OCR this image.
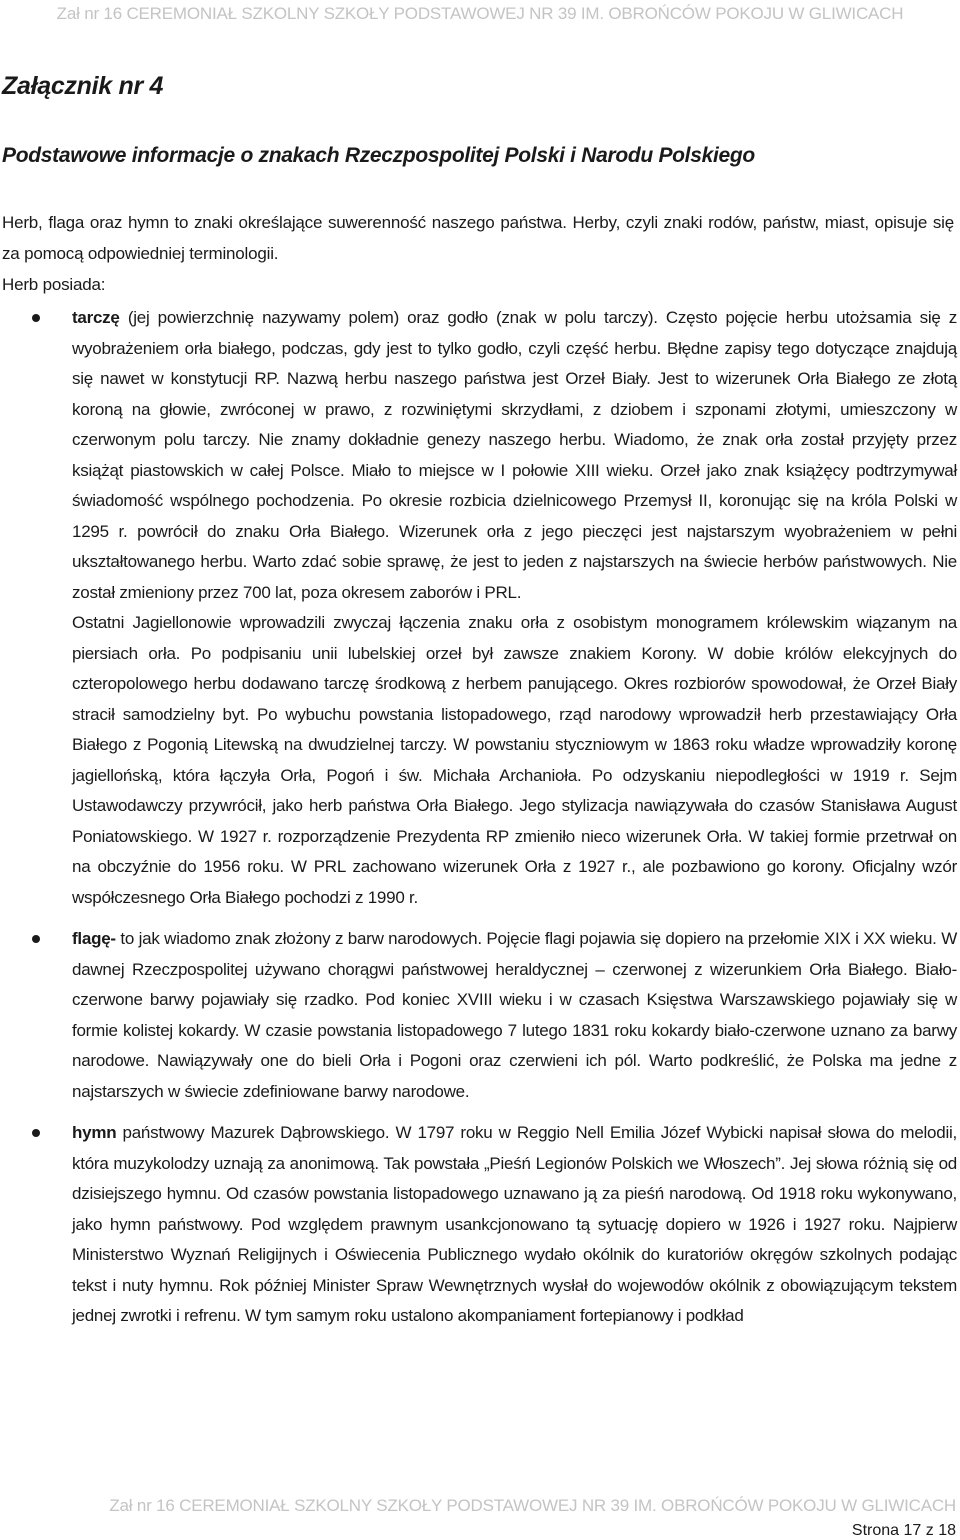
Zał nr 16 CEREMONIAŁ SZKOLNY SZKOŁY PODSTAWOWEJ NR 39 IM. OBROŃCÓW POKOJU W GLIWICACH
Załącznik nr 4
Podstawowe informacje o znakach Rzeczpospolitej Polski i Narodu Polskiego

Herb, flaga oraz hymn to znaki określające suwerenność naszego państwa. Herby, czyli znaki rodów, państw, miast, opisuje się za pomocą odpowiedniej terminologii.

Herb posiada:

tarczę (jej powierzchnię nazywamy polem) oraz godło (znak w polu tarczy). Często pojęcie herbu utożsamia się z wyobrażeniem orła białego, podczas, gdy jest to tylko godło, czyli część herbu. Błędne zapisy tego dotyczące znajdują się nawet w konstytucji RP. Nazwą herbu naszego państwa jest Orzeł Biały. Jest to wizerunek Orła Białego ze złotą koroną na głowie, zwróconej w prawo, z rozwiniętymi skrzydłami, z dziobem i szponami złotymi, umieszczony w czerwonym polu tarczy. Nie znamy dokładnie genezy naszego herbu. Wiadomo, że znak orła został przyjęty przez książąt piastowskich w całej Polsce. Miało to miejsce w I połowie XIII wieku. Orzeł jako znak książęcy podtrzymywał świadomość wspólnego pochodzenia. Po okresie rozbicia dzielnicowego Przemysł II, koronując się na króla Polski w 1295 r. powrócił do znaku Orła Białego. Wizerunek orła z jego pieczęci jest najstarszym wyobrażeniem w pełni ukształtowanego herbu. Warto zdać sobie sprawę, że jest to jeden z najstarszych na świecie herbów państwowych. Nie został zmieniony przez 700 lat, poza okresem zaborów i PRL.
Ostatni Jagiellonowie wprowadzili zwyczaj łączenia znaku orła z osobistym monogramem królewskim wiązanym na piersiach orła. Po podpisaniu unii lubelskiej orzeł był zawsze znakiem Korony. W dobie królów elekcyjnych do czteropolowego herbu dodawano tarczę środkową z herbem panującego. Okres rozbiorów spowodował, że Orzeł Biały stracił samodzielny byt. Po wybuchu powstania listopadowego, rząd narodowy wprowadził herb przestawiający Orła Białego z Pogonią Litewską na dwudzielnej tarczy. W powstaniu styczniowym w 1863 roku władze wprowadziły koronę jagiellońską, która łączyła Orła, Pogoń i św. Michała Archanioła. Po odzyskaniu niepodległości w 1919 r. Sejm Ustawodawczy przywrócił, jako herb państwa Orła Białego. Jego stylizacja nawiązywała do czasów Stanisława August Poniatowskiego. W 1927 r. rozporządzenie Prezydenta RP zmieniło nieco wizerunek Orła. W takiej formie przetrwał on na obczyźnie do 1956 roku. W PRL zachowano wizerunek Orła z 1927 r., ale pozbawiono go korony. Oficjalny wzór współczesnego Orła Białego pochodzi z 1990 r.
flagę- to jak wiadomo znak złożony z barw narodowych. Pojęcie flagi pojawia się dopiero na przełomie XIX i XX wieku. W dawnej Rzeczpospolitej używano chorągwi państwowej heraldycznej – czerwonej z wizerunkiem Orła Białego. Biało-czerwone barwy pojawiały się rzadko. Pod koniec XVIII wieku i w czasach Księstwa Warszawskiego pojawiały się w formie kolistej kokardy. W czasie powstania listopadowego 7 lutego 1831 roku kokardy biało-czerwone uznano za barwy narodowe. Nawiązywały one do bieli Orła i Pogoni oraz czerwieni ich pól. Warto podkreślić, że Polska ma jedne z najstarszych w świecie zdefiniowane barwy narodowe.
hymn państwowy Mazurek Dąbrowskiego. W 1797 roku w Reggio Nell Emilia Józef Wybicki napisał słowa do melodii, która muzykolodzy uznają za anonimową. Tak powstała „Pieśń Legionów Polskich we Włoszech”. Jej słowa różnią się od dzisiejszego hymnu. Od czasów powstania listopadowego uznawano ją za pieśń narodową. Od 1918 roku wykonywano, jako hymn państwowy. Pod względem prawnym usankcjonowano tą sytuację dopiero w 1926 i 1927 roku. Najpierw Ministerstwo Wyznań Religijnych i Oświecenia Publicznego wydało okólnik do kuratoriów okręgów szkolnych podając tekst i nuty hymnu. Rok później Minister Spraw Wewnętrznych wysłał do wojewodów okólnik z obowiązującym tekstem jednej zwrotki i refrenu. W tym samym roku ustalono akompaniament fortepianowy i podkład
Zał nr 16 CEREMONIAŁ SZKOLNY SZKOŁY PODSTAWOWEJ NR 39 IM. OBROŃCÓW POKOJU W GLIWICACH
Strona 17 z 18
